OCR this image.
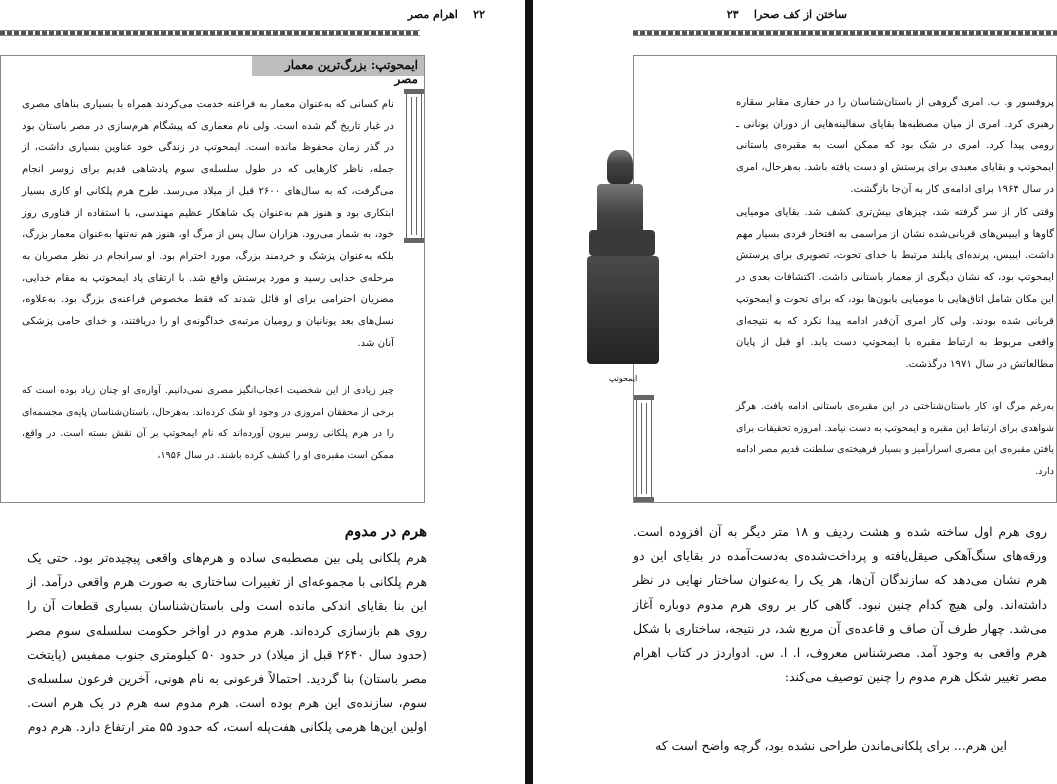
۲۲    اهرام مصر
ایمحوتپ: بزرگ‌ترین معمار مصر

نام کسانی که به‌عنوان معمار به فراعنه خدمت می‌کردند همراه با بسیاری بناهای مصری در غبار تاریخ گم شده است. ولی نام معماری که پیشگام هرم‌سازی در مصر باستان بود در گذر زمان محفوظ مانده است. ایمحوتپ در زندگی خود عناوین بسیاری داشت، از جمله، ناظر کارهایی که در طول سلسله‌ی سوم پادشاهی قدیم برای زوسر انجام می‌گرفت، که به سال‌های ۲۶۰۰ قبل از میلاد می‌رسد. طرح هرم پلکانی او کاری بسیار ابتکاری بود و هنوز هم به‌عنوان یک شاهکار عظیم مهندسی، با استفاده از فناوری روز خود، به شمار می‌رود. هزاران سال پس از مرگ او، هنوز هم نه‌تنها به‌عنوان معمار بزرگ، بلکه به‌عنوان پزشک و خردمند بزرگ، مورد احترام بود. او سرانجام در نظر مصریان به مرحله‌ی خدایی رسید و مورد پرستش واقع شد. با ارتقای یاد ایمحوتپ به مقام خدایی، مصریان احترامی برای او قائل شدند که فقط مخصوص فراعنه‌ی بزرگ بود. به‌علاوه، نسل‌های بعد یونانیان و رومیان مرتبه‌ی خداگونه‌ی او را دریافتند، و خدای حامی پزشکی آنان شد.

چیز زیادی از این شخصیت اعجاب‌انگیز مصری نمی‌دانیم. آوازه‌ی او چنان زیاد بوده است که برخی از محققان امروزی در وجود او شک کرده‌اند. به‌هرحال، باستان‌شناسان پایه‌ی مجسمه‌ای را در هرم پلکانی زوسر بیرون آورده‌اند که نام ایمحوتپ بر آن نقش بسته است. در واقع، ممکن است مقبره‌ی او را کشف کرده باشند. در سال ۱۹۵۶،

هرم در مدوم

هرم پلکانی پلی بین مصطبه‌ی ساده و هرم‌های واقعی پیچیده‌تر بود. حتی یک هرم پلکانی با مجموعه‌ای از تغییرات ساختاری به صورت هرم واقعی درآمد. از این بنا بقایای اندکی مانده است ولی باستان‌شناسان بسیاری قطعات آن را روی هم بازسازی کرده‌اند. هرم مدوم در اواخر حکومت سلسله‌ی سوم مصر (حدود سال ۲۶۴۰ قبل از میلاد) در حدود ۵۰ کیلومتری جنوب ممفیس (پایتخت مصر باستان) بنا گردید. احتمالاً فرعونی به نام هونی، آخرین فرعون سلسله‌ی سوم، سازنده‌ی این هرم بوده است. هرم مدوم سه هرم در یک هرم است. اولین این‌ها هرمی پلکانی هفت‌پله است، که حدود ۵۵ متر ارتفاع دارد. هرم دوم

ساختن از کف صحرا    ۲۳

پروفسور و. ب. امری گروهی از باستان‌شناسان را در حفاری مقابر سقاره رهبری کرد. امری از میان مصطبه‌ها بقایای سفالینه‌هایی از دوران یونانی ـ رومی پیدا کرد. امری در شک بود که ممکن است به مقبره‌ی باستانی ایمحوتپ و بقایای معبدی برای پرستش او دست یافته باشد. به‌هرحال، امری در سال ۱۹۶۴ برای ادامه‌ی کار به آن‌جا بازگشت.

وقتی کار از سر گرفته شد، چیزهای بیش‌تری کشف شد. بقایای مومیایی گاوها و ایبیس‌های قربانی‌شده نشان از مراسمی به افتخار فردی بسیار مهم داشت. ایبیس، پرنده‌ای پابلند مرتبط با خدای تحوت، تصویری برای پرستش ایمحوتپ بود، که نشان دیگری از معمار باستانی داشت. اکتشافات بعدی در این مکان شامل اتاق‌هایی با مومیایی بابون‌ها بود، که برای تحوت و ایمحوتپ قربانی شده بودند. ولی کار امری آن‌قدر ادامه پیدا نکرد که به نتیجه‌ای واقعی مربوط به ارتباط مقبره با ایمحوتپ دست یابد. او قبل از پایان مطالعاتش در سال ۱۹۷۱ درگذشت.

به‌رغم مرگ او، کار باستان‌شناختی در این مقبره‌ی باستانی ادامه یافت. هرگز شواهدی برای ارتباط این مقبره و ایمحوتپ به دست نیامد. امروزه تحقیقات برای یافتن مقبره‌ی این مصری اسرارآمیز و بسیار فرهیخته‌ی سلطنت قدیم مصر ادامه دارد.

ایمحوتپ

روی هرم اول ساخته شده و هشت ردیف و ۱۸ متر دیگر به آن افزوده است. ورقه‌های سنگ‌آهکی صیقل‌یافته و پرداخت‌شده‌ی به‌دست‌آمده در بقایای این دو هرم نشان می‌دهد که سازندگان آن‌ها، هر یک را به‌عنوان ساختار نهایی در نظر داشته‌اند. ولی هیچ کدام چنین نبود. گاهی کار بر روی هرم مدوم دوباره آغاز می‌شد. چهار طرف آن صاف و قاعده‌ی آن مربع شد، در نتیجه، ساختاری با شکل هرم واقعی به وجود آمد. مصرشناس معروف، ا. ا. س. ادواردز در کتاب اهرام مصر تغییر شکل هرم مدوم را چنین توصیف می‌کند:

این هرم... برای پلکانی‌ماندن طراحی نشده بود، گرچه واضح است که
